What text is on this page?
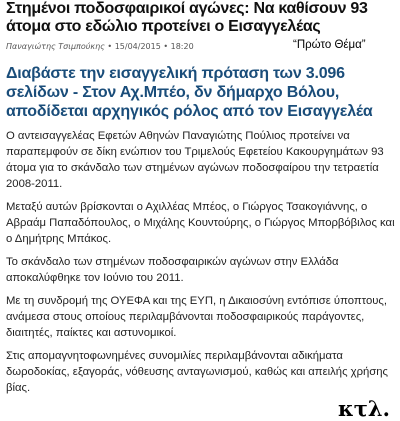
Στημένοι ποδοσφαιρικοί αγώνες: Να καθίσουν 93 άτομα στο εδώλιο προτείνει ο Εισαγγελέας
Παναγιώτης Τσιμπούκης • 15/04/2015 • 18:20	“Πρώτο Θέμα”
Διαβάστε την εισαγγελική πρόταση των 3.096 σελίδων - Στον Αχ.Μπέο, δν δήμαρχο Βόλου, αποδίδεται αρχηγικός ρόλος από τον Εισαγγελέα

Ο αντεισαγγελέας Εφετών Αθηνών Παναγιώτης Πούλιος προτείνει να παραπεμφούν σε δίκη ενώπιον του Τριμελούς Εφετείου Κακουργημάτων 93 άτομα για το σκάνδαλο των στημένων αγώνων ποδοσφαίρου την τετραετία 2008-2011.

Μεταξύ αυτών βρίσκονται ο Αχιλλέας Μπέος, ο Γιώργος Τσακογιάννης, ο Αβραάμ Παπαδόπουλος, ο Μιχάλης Κουντούρης, ο Γιώργος Μπορβόβιλος και ο Δημήτρης Μπάκος.

Το σκάνδαλο των στημένων ποδοσφαιρικών αγώνων στην Ελλάδα αποκαλύφθηκε τον Ιούνιο του 2011.

Με τη συνδρομή της ΟΥΕΦΑ και της ΕΥΠ, η Δικαιοσύνη εντόπισε ύποπτους, ανάμεσα στους οποίους περιλαμβάνονται ποδοσφαιρικούς παράγοντες, διαιτητές, παίκτες και αστυνομικοί.

Στις απομαγνητοφωνημένες συνομιλίες περιλαμβάνονται αδικήματα δωροδοκίας, εξαγοράς, νόθευσης ανταγωνισμού, καθώς και απειλής χρήσης βίας.

κτλ.
